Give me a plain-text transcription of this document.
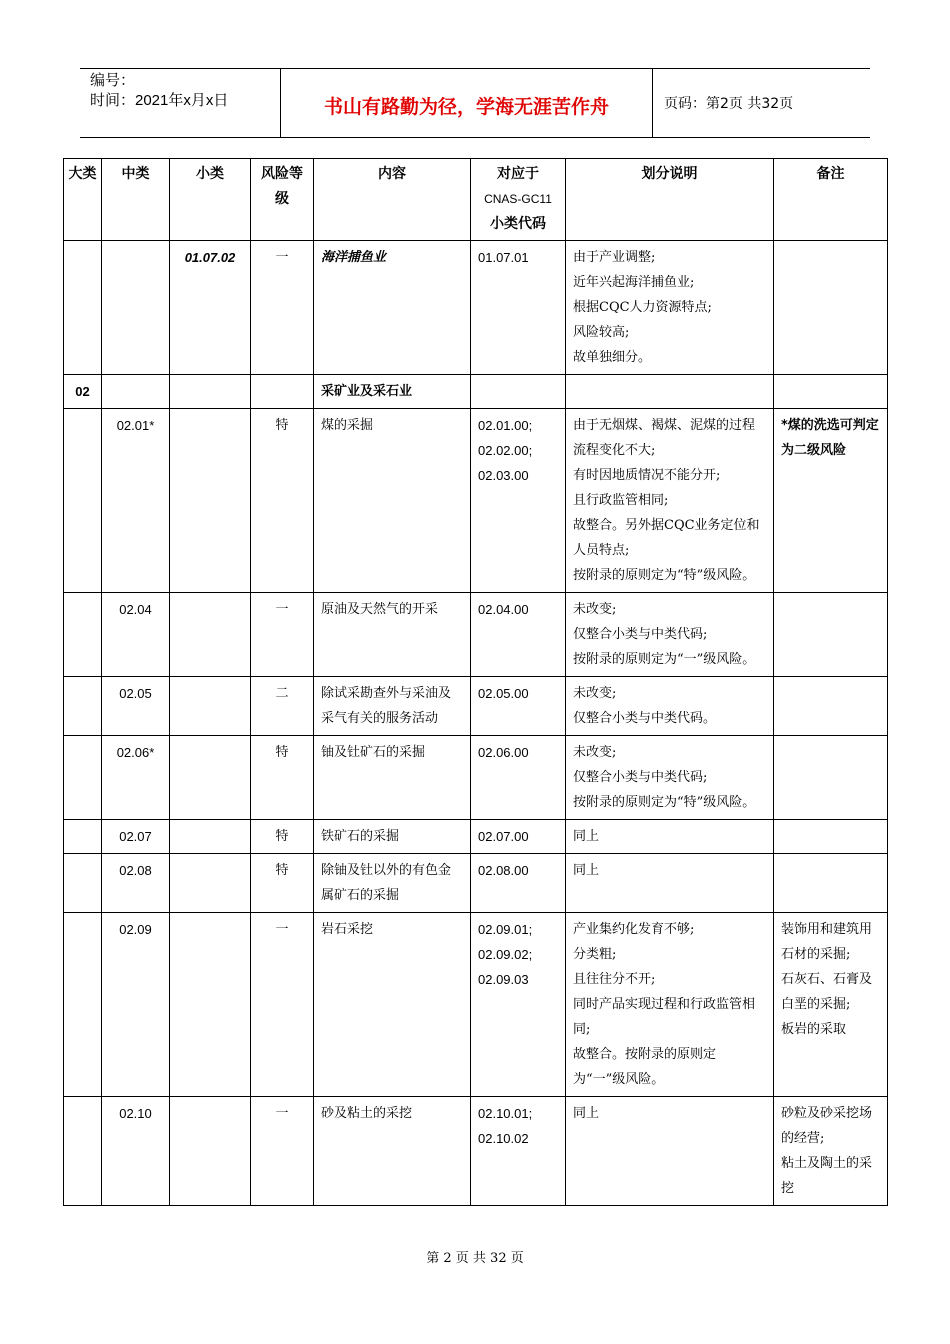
编号：
时间：2021年x月x日	书山有路勤为径，学海无涯苦作舟	页码：第2页 共32页
大类	中类	小类	风险等级	内容	对应于
CNAS-GC11
小类代码	划分说明	备注
		01.07.02	一	海洋捕鱼业	01.07.01	由于产业调整;
近年兴起海洋捕鱼业;
根据CQC人力资源特点;
风险较高;
故单独细分。	

02				采矿业及采石业			
	02.01*		特	煤的采掘	02.01.00;
02.02.00;
02.03.00	由于无烟煤、褐煤、泥煤的过程流程变化不大;
有时因地质情况不能分开;
且行政监管相同;
故整合。另外据CQC业务定位和人员特点;
按附录的原则定为“特”级风险。	*煤的洗选可判定为二级风险

	02.04		一	原油及天然气的开采	02.04.00	未改变;
仅整合小类与中类代码;
按附录的原则定为“一”级风险。	

	02.05		二	除试采勘查外与采油及采气有关的服务活动	02.05.00	未改变;
仅整合小类与中类代码。	

	02.06*		特	铀及钍矿石的采掘	02.06.00	未改变;
仅整合小类与中类代码;
按附录的原则定为“特”级风险。	

	02.07		特	铁矿石的采掘	02.07.00	同上	

	02.08		特	除铀及钍以外的有色金属矿石的采掘	02.08.00	同上	

	02.09		一	岩石采挖	02.09.01;
02.09.02;
02.09.03	产业集约化发育不够;
分类粗;
且往往分不开;
同时产品实现过程和行政监管相同;
故整合。按附录的原则定为“一”级风险。	装饰用和建筑用石材的采掘;
石灰石、石膏及白垩的采掘;
板岩的采取

	02.10		一	砂及粘土的采挖	02.10.01;
02.10.02	同上	砂粒及砂采挖场的经营;
粘土及陶土的采挖
第 2 页 共 32 页
